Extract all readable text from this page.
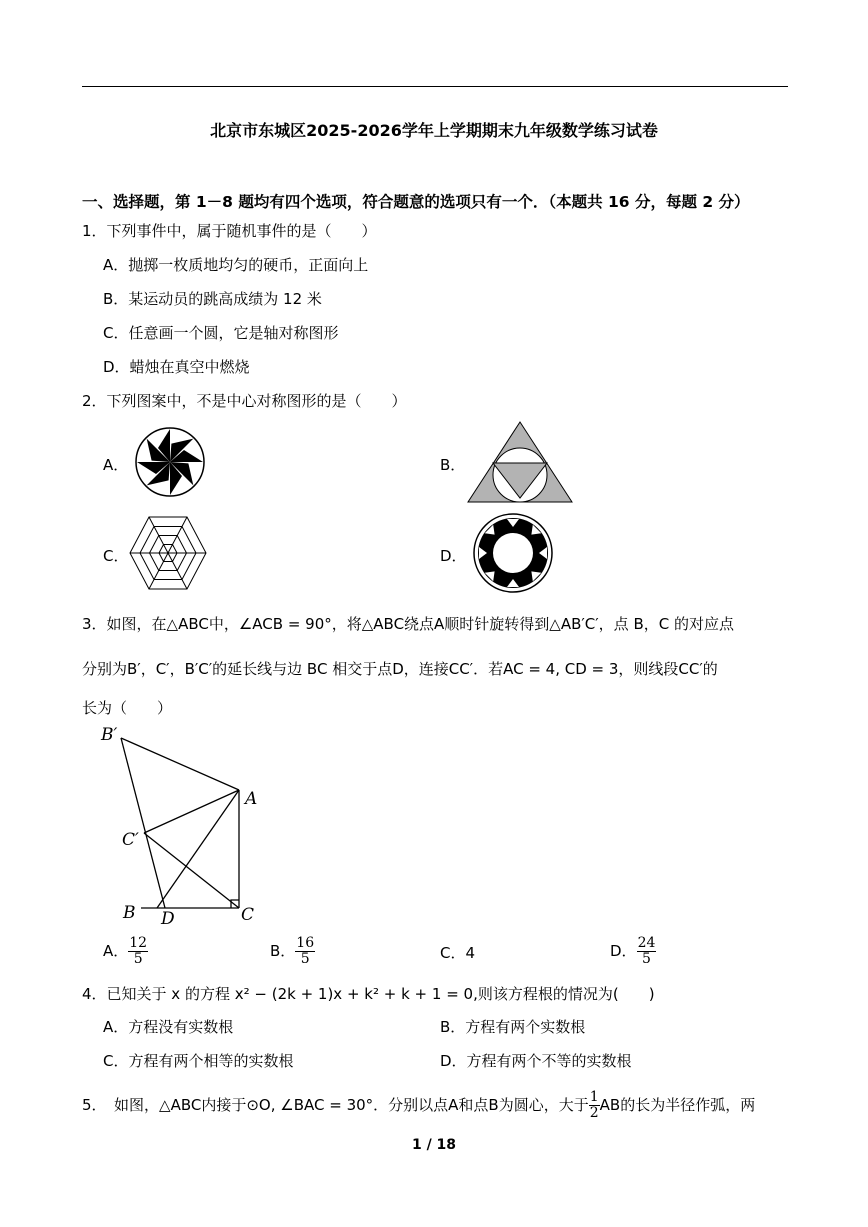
北京市东城区2025-2026学年上学期期末九年级数学练习试卷
一、选择题，第 1－8 题均有四个选项，符合题意的选项只有一个．（本题共 16 分，每题 2 分）
1．下列事件中，属于随机事件的是（　　）
A．抛掷一枚质地均匀的硬币，正面向上
B．某运动员的跳高成绩为 12 米
C．任意画一个圆，它是轴对称图形
D．蜡烛在真空中燃烧
2．下列图案中，不是中心对称图形的是（　　）
A．	B．
C．	D．
3．如图，在△ABC中，∠ACB = 90°，将△ABC绕点A顺时针旋转得到△AB′C′，点 B，C 的对应点
分别为B′，C′，B′C′的延长线与边 BC 相交于点D，连接CC′．若AC = 4, CD = 3，则线段CC′的
长为（　　）
B′
A
C′
B D	C
A． $\frac{12}{5}$	B． $\frac{16}{5}$	C．4	D． $\frac{24}{5}$
4．已知关于 x 的方程 x² − (2k + 1)x + k² + k + 1 = 0,则该方程根的情况为(　　)
A．方程没有实数根	B．方程有两个实数根
C．方程有两个相等的实数根	D．方程有两个不等的实数根
5．　如图，△ABC内接于⊙O, ∠BAC = 30°．分别以点A和点B为圆心，大于 $\frac{1}{2}$ AB的长为半径作弧，两
1 / 18
